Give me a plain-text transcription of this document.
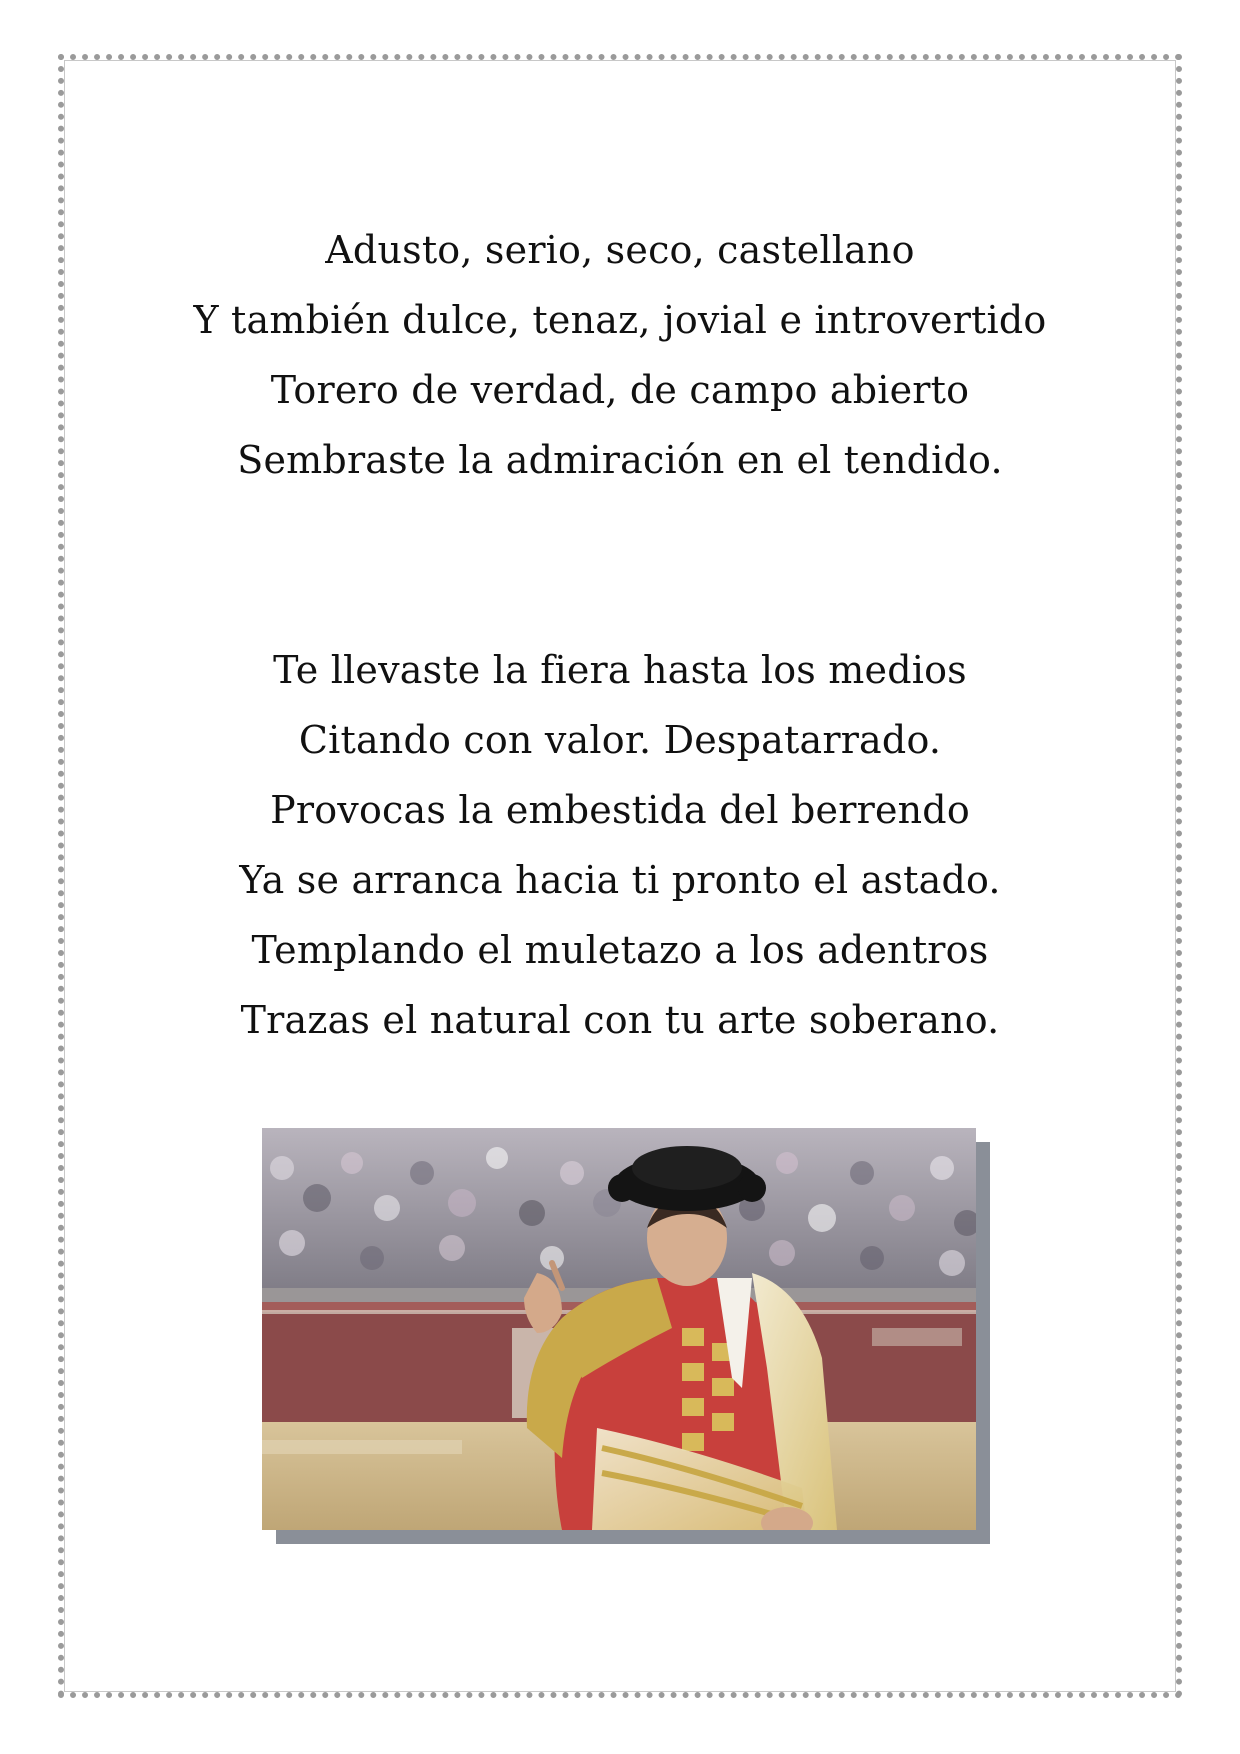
Adusto, serio, seco, castellano
Y también dulce, tenaz, jovial e introvertido
Torero de verdad, de campo abierto
Sembraste la admiración en el tendido.
Te llevaste la fiera hasta los medios
Citando con valor. Despatarrado.
Provocas la embestida del berrendo
Ya se arranca hacia ti pronto el astado.
Templando el muletazo a los adentros
Trazas el natural con tu arte soberano.
